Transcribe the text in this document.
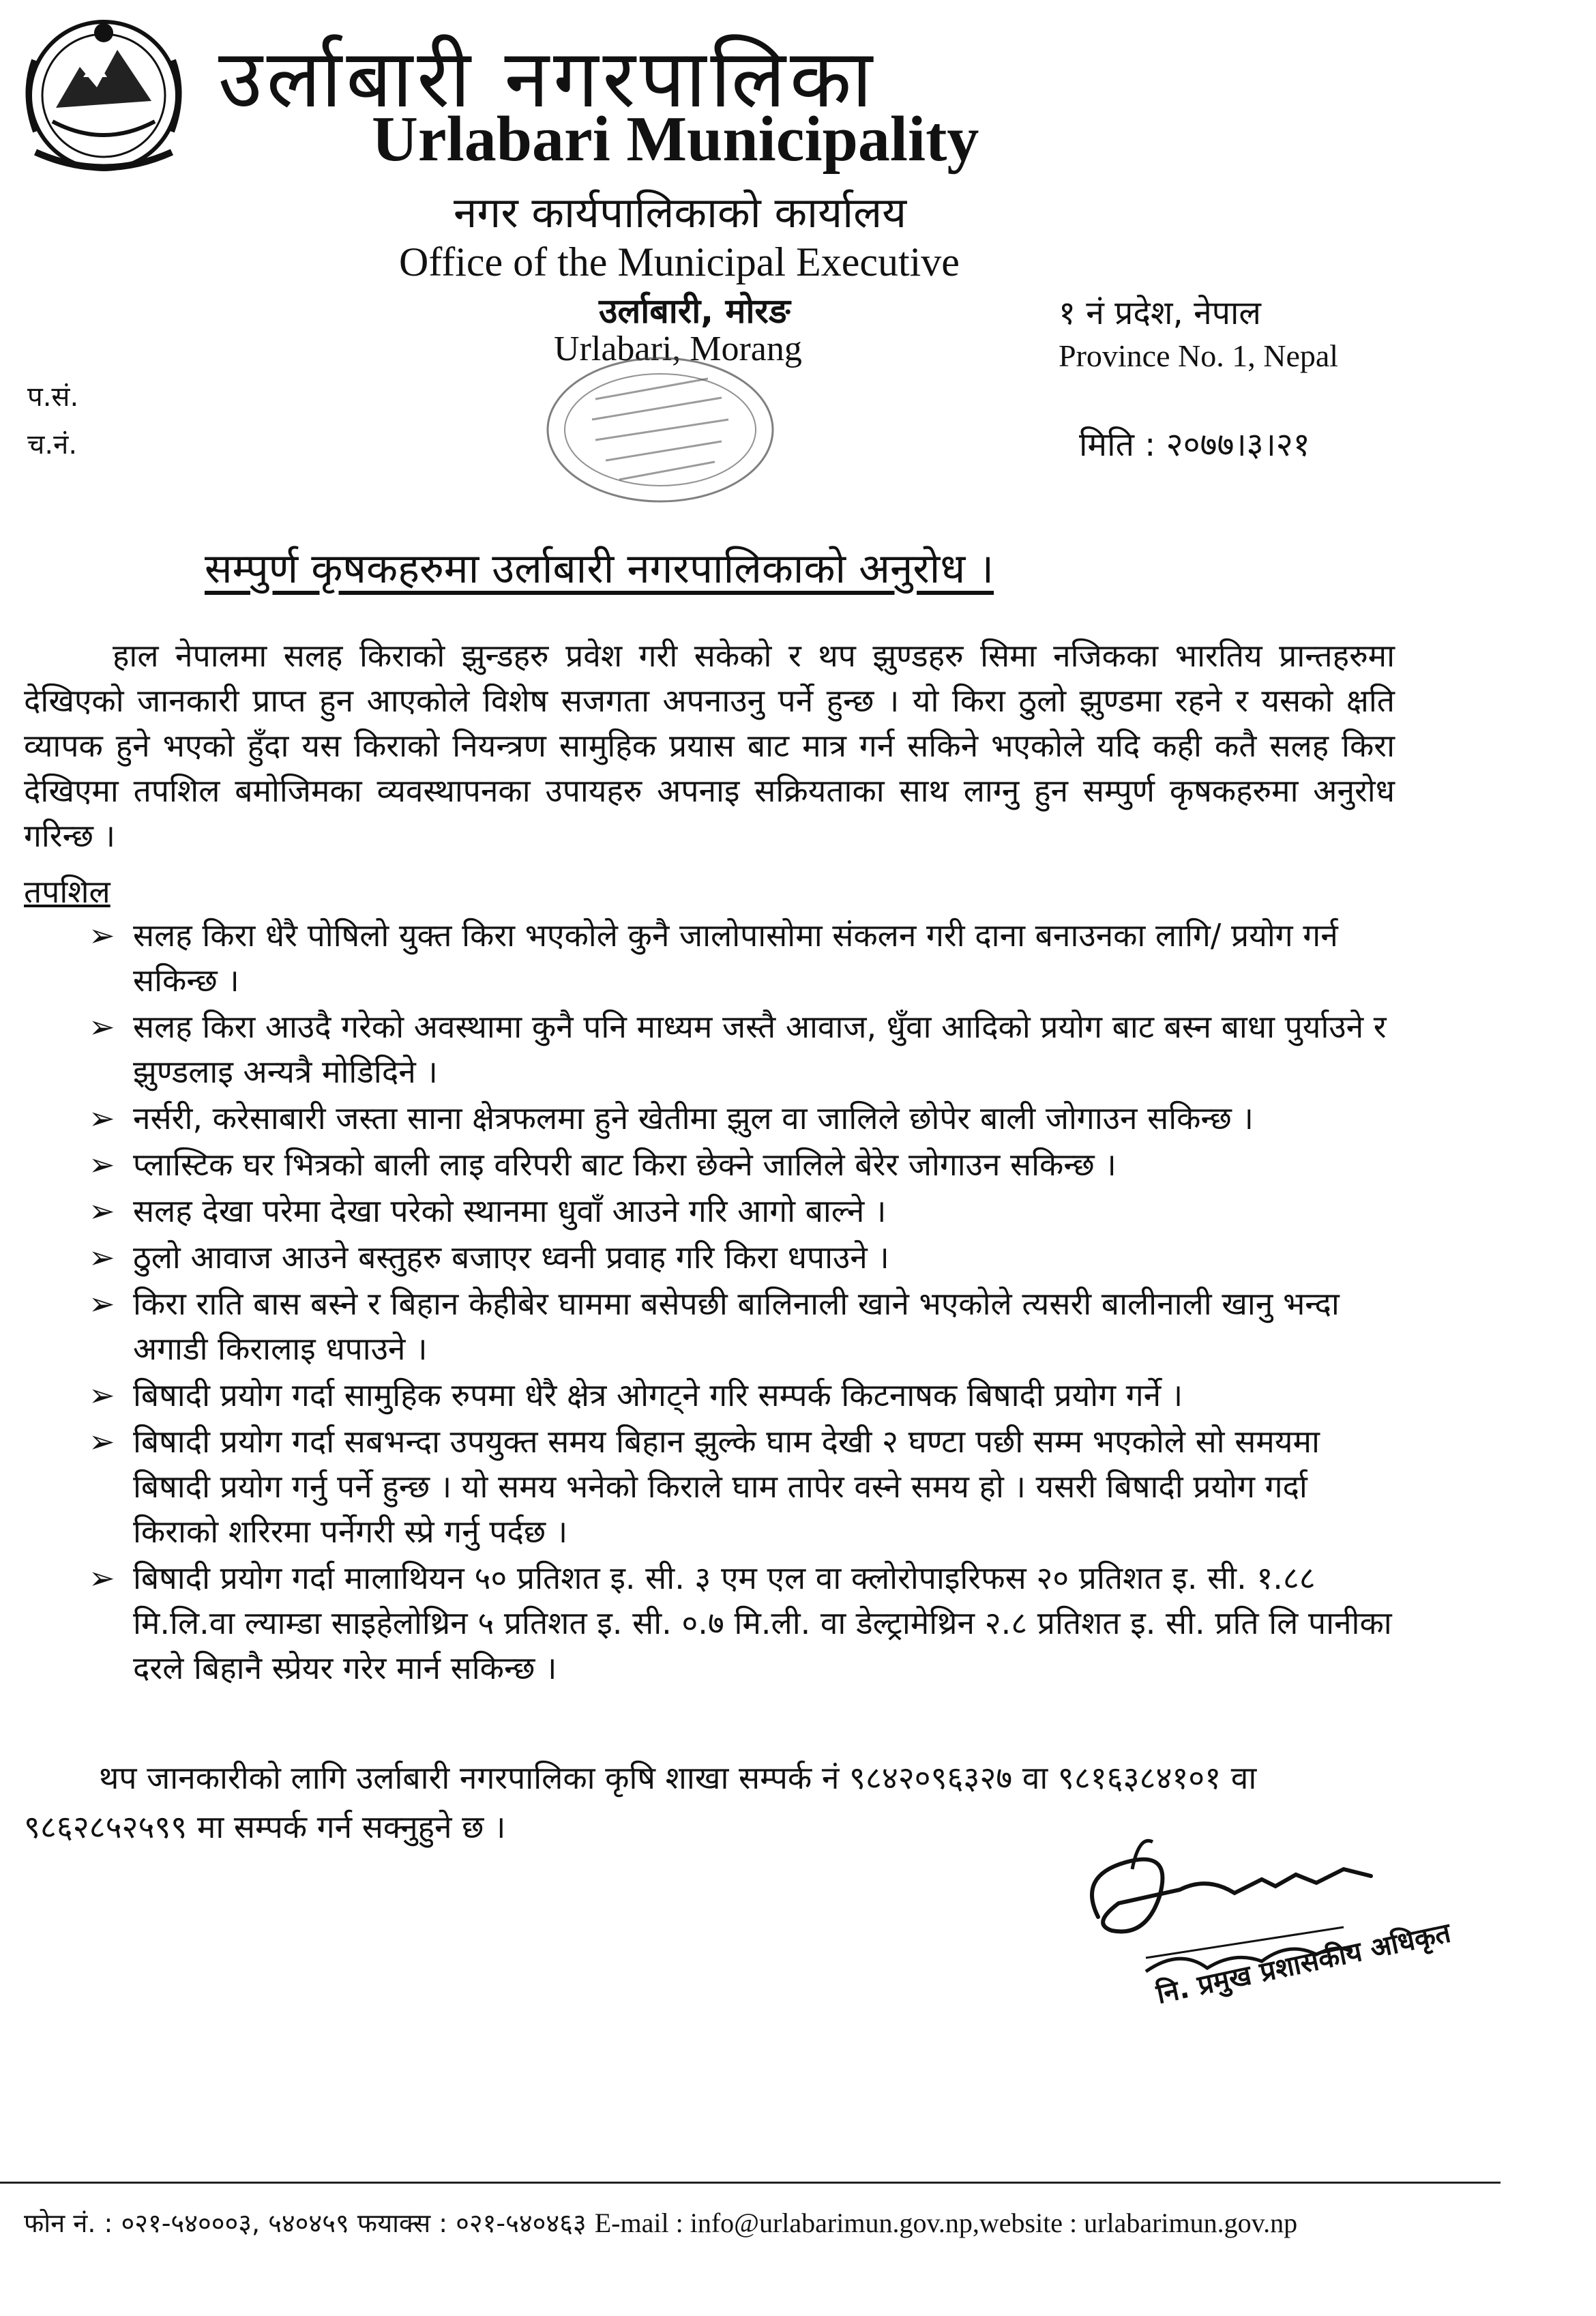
उर्लाबारी नगरपालिका
Urlabari Municipality
नगर कार्यपालिकाको कार्यालय
Office of the Municipal Executive
उर्लाबारी, मोरङ
Urlabari, Morang
१ नं प्रदेश, नेपाल
Province No. 1, Nepal
प.सं.
च.नं.	मिति : २०७७।३।२१
सम्पुर्ण कृषकहरुमा उर्लाबारी नगरपालिकाको अनुरोध ।

हाल नेपालमा सलह किराको झुन्डहरु प्रवेश गरी सकेको र थप झुण्डहरु सिमा नजिकका भारतिय प्रान्तहरुमा देखिएको जानकारी प्राप्त हुन आएकोले विशेष सजगता अपनाउनु पर्ने हुन्छ । यो किरा ठुलो झुण्डमा रहने र यसको क्षति व्यापक हुने भएको हुँदा यस किराको नियन्त्रण सामुहिक प्रयास बाट मात्र गर्न सकिने भएकोले यदि कही कतै सलह किरा देखिएमा तपशिल बमोजिमका व्यवस्थापनका उपायहरु अपनाइ सक्रियताका साथ लाग्नु हुन सम्पुर्ण कृषकहरुमा अनुरोध गरिन्छ ।

तपशिल
➢ सलह किरा धेरै पोषिलो युक्त किरा भएकोले कुनै जालोपासोमा संकलन गरी दाना बनाउनका लागि/ प्रयोग गर्न सकिन्छ ।
➢ सलह किरा आउदै गरेको अवस्थामा कुनै पनि माध्यम जस्तै आवाज, धुँवा आदिको प्रयोग बाट बस्न बाधा पुर्याउने र झुण्डलाइ अन्यत्रै मोडिदिने ।
➢ नर्सरी, करेसाबारी जस्ता साना क्षेत्रफलमा हुने खेतीमा झुल वा जालिले छोपेर बाली जोगाउन सकिन्छ ।
➢ प्लास्टिक घर भित्रको बाली लाइ वरिपरी बाट किरा छेक्ने जालिले बेरेर जोगाउन सकिन्छ ।
➢ सलह देखा परेमा देखा परेको स्थानमा धुवाँ आउने गरि आगो बाल्ने ।
➢ ठुलो आवाज आउने बस्तुहरु बजाएर ध्वनी प्रवाह गरि किरा धपाउने ।
➢ किरा राति बास बस्ने र बिहान केहीबेर घाममा बसेपछी बालिनाली खाने भएकोले त्यसरी बालीनाली खानु भन्दा अगाडी किरालाइ धपाउने ।
➢ बिषादी प्रयोग गर्दा सामुहिक रुपमा धेरै क्षेत्र ओगट्ने गरि सम्पर्क किटनाषक बिषादी प्रयोग गर्ने ।
➢ बिषादी प्रयोग गर्दा सबभन्दा उपयुक्त समय बिहान झुल्के घाम देखी २ घण्टा पछी सम्म भएकोले सो समयमा बिषादी प्रयोग गर्नु पर्ने हुन्छ । यो समय भनेको किराले घाम तापेर वस्ने समय हो । यसरी बिषादी प्रयोग गर्दा किराको शरिरमा पर्नेगरी स्प्रे गर्नु पर्दछ ।
➢ बिषादी प्रयोग गर्दा मालाथियन ५० प्रतिशत इ. सी. ३ एम एल वा क्लोरोपाइरिफस २० प्रतिशत इ. सी. १.८८ मि.लि.वा ल्याम्डा साइहेलोथ्रिन ५ प्रतिशत इ. सी. ०.७ मि.ली. वा डेल्ट्रामेथ्रिन २.८ प्रतिशत इ. सी. प्रति लि पानीका दरले बिहानै स्प्रेयर गरेर मार्न सकिन्छ ।

थप जानकारीको लागि उर्लाबारी नगरपालिका कृषि शाखा सम्पर्क नं ९८४२०९६३२७ वा ९८१६३८४१०१ वा ९८६२८५२५९९ मा सम्पर्क गर्न सक्नुहुने छ ।

नि. प्रमुख प्रशासकीय अधिकृत
फोन नं. : ०२१-५४०००३, ५४०४५९ फयाक्स : ०२१-५४०४६३ E-mail : info@urlabarimun.gov.np,website : urlabarimun.gov.np
